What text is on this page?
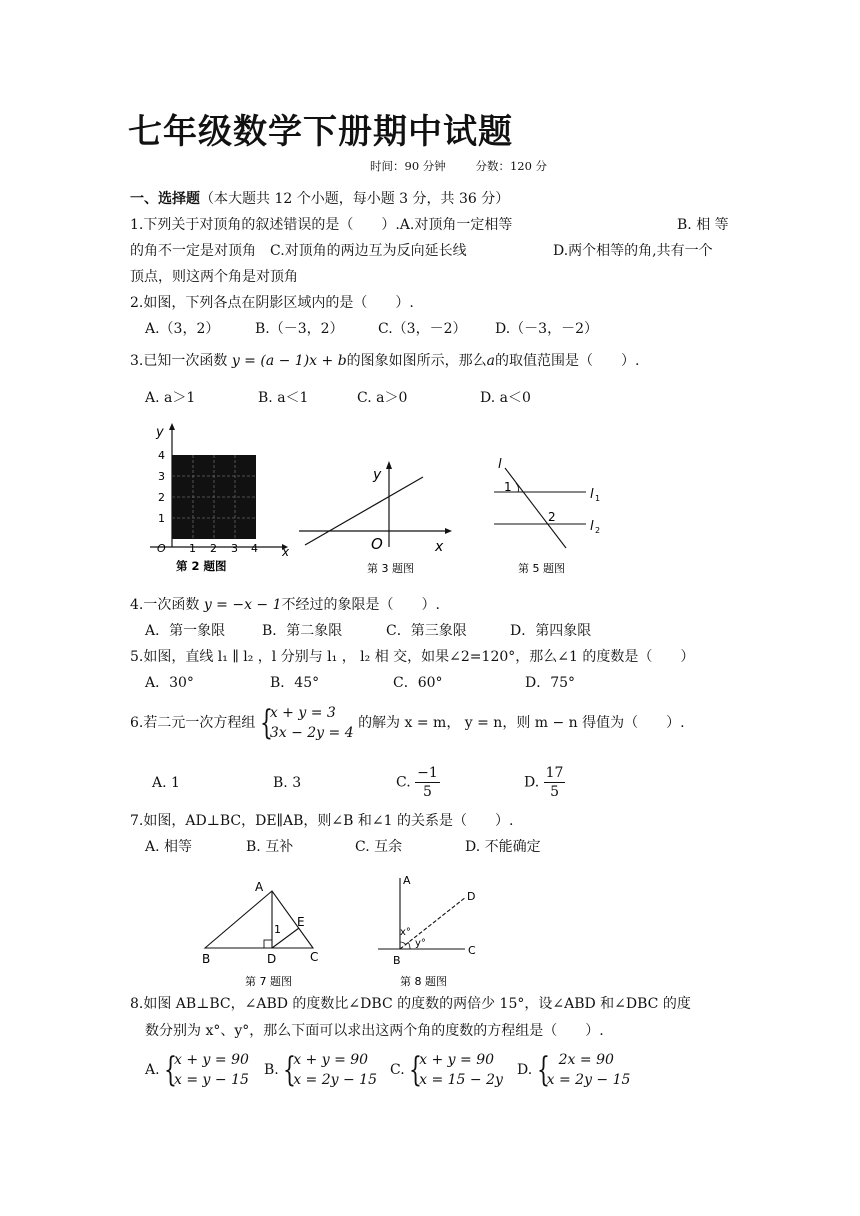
七年级数学下册期中试题
时间：90 分钟	分数：120 分
一、选择题（本大题共 12 个小题，每小题 3 分，共 36 分）
1.下列关于对顶角的叙述错误的是（　　）.A.对顶角一定相等	B. 相 等
的角不一定是对顶角　C.对顶角的两边互为反向延长线	D.两个相等的角,共有一个
顶点，则这两个角是对顶角
2.如图，下列各点在阴影区域内的是（　　）.
A.（3，2）	B.（－3，2） C.（3，－2） D.（－3，－2）
3.已知一次函数 y = (a − 1)x + b的图象如图所示，那么a的取值范围是（　　）.
A. a＞1	B. a＜1	C. a＞0	D. a＜0
y
x
O
1
2
3
4
1 2 3 4
第 2 题图
y
x
O
第 3 题图
l
1
2
l 1
l 2
第 5 题图
4.一次函数 y = −x − 1不经过的象限是（　　）.
A．第一象限	B．第二象限	C．第三象限	D．第四象限
5.如图，直线 l₁ ∥ l₂ ，l 分别与 l₁ ， l₂ 相 交，如果∠2=120°，那么∠1 的度数是（　　）
A．30°	B．45°	C．60°	D．75°
6.若二元一次方程组 {
x + y = 3
3x − 2y = 4
的解为 x = m， y = n，则 m − n 得值为（　　）.
A. 1	B. 3	C. $\frac{-1}{5}$	D. $\frac{17}{5}$
7.如图，AD⊥BC，DE∥AB，则∠B 和∠1 的关系是（　　）.
A. 相等	B. 互补	C. 互余	D. 不能确定
A
B	C
D
E
1
第 7 题图
A
B
C
D
x°
y°
第 8 题图
8.如图 AB⊥BC，∠ABD 的度数比∠DBC 的度数的两倍少 15°，设∠ABD 和∠DBC 的度
数分别为 x°、y°，那么下面可以求出这两个角的度数的方程组是（　　）.
A. {
x + y = 90
x = y − 15
B. {
x + y = 90
x = 2y − 15
C. {
x + y = 90
x = 15 − 2y
D. { 2x = 90
x = 2y − 15
